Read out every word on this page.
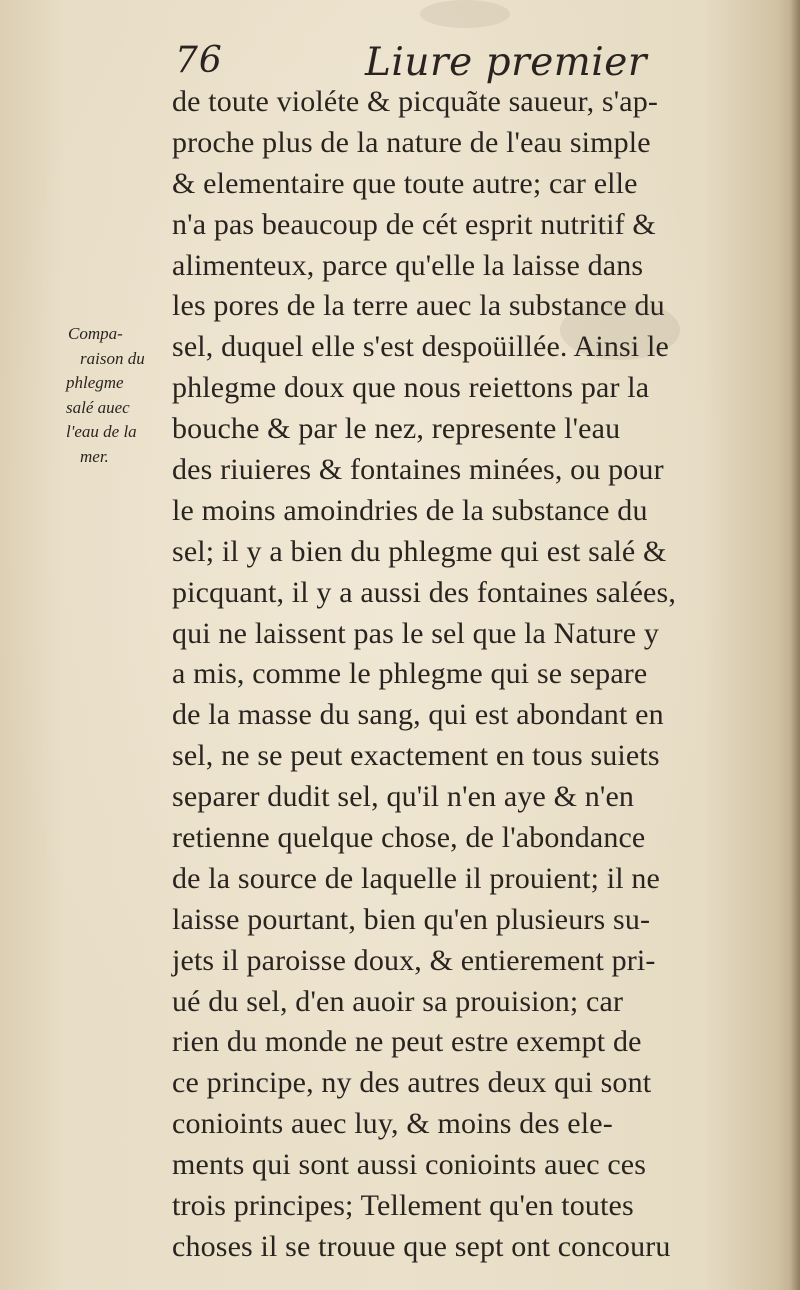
76	Liure premier
Compa-
raison du
phlegme
salé auec
l'eau de la
mer.
de toute violéte & picquãte saueur, s'ap-
proche plus de la nature de l'eau simple
& elementaire que toute autre; car elle
n'a pas beaucoup de cét esprit nutritif &
alimenteux, parce qu'elle la laisse dans
les pores de la terre auec la substance du
sel, duquel elle s'est despoüillée. Ainsi le
phlegme doux que nous reiettons par la
bouche & par le nez, represente l'eau
des riuieres & fontaines minées, ou pour
le moins amoindries de la substance du
sel; il y a bien du phlegme qui est salé &
picquant, il y a aussi des fontaines salées,
qui ne laissent pas le sel que la Nature y
a mis, comme le phlegme qui se separe
de la masse du sang, qui est abondant en
sel, ne se peut exactement en tous suiets
separer dudit sel, qu'il n'en aye & n'en
retienne quelque chose, de l'abondance
de la source de laquelle il prouient; il ne
laisse pourtant, bien qu'en plusieurs su-
jets il paroisse doux, & entierement pri-
ué du sel, d'en auoir sa prouision; car
rien du monde ne peut estre exempt de
ce principe, ny des autres deux qui sont
conioints auec luy, & moins des ele-
ments qui sont aussi conioints auec ces
trois principes; Tellement qu'en toutes
choses il se trouue que sept ont concouru
